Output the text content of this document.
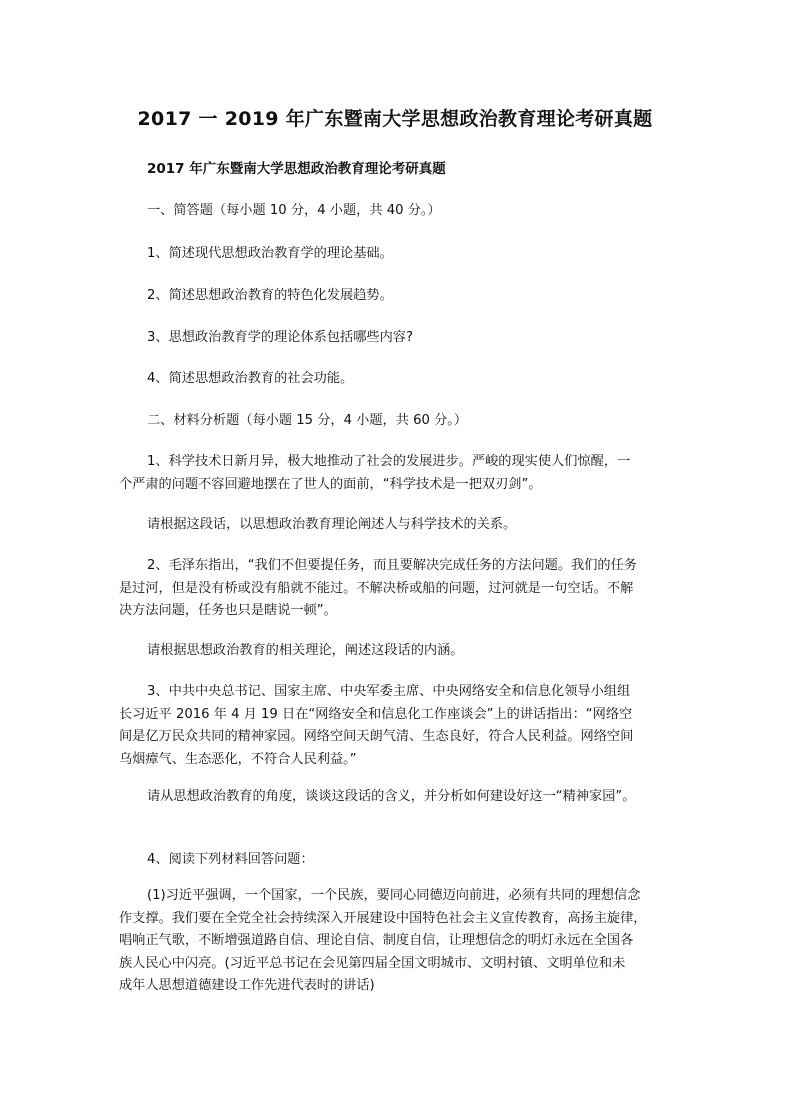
2017 一 2019 年广东暨南大学思想政治教育理论考研真题

2017 年广东暨南大学思想政治教育理论考研真题

一、简答题（每小题 10 分，4 小题，共 40 分。）

1、简述现代思想政治教育学的理论基础。

2、简述思想政治教育的特色化发展趋势。

3、思想政治教育学的理论体系包括哪些内容?

4、简述思想政治教育的社会功能。

二、材料分析题（每小题 15 分，4 小题，共 60 分。）

1、科学技术日新月异，极大地推动了社会的发展进步。严峻的现实使人们惊醒，一
个严肃的问题不容回避地摆在了世人的面前，“科学技术是一把双刃剑”。

请根据这段话，以思想政治教育理论阐述人与科学技术的关系。

2、毛泽东指出，“我们不但要提任务，而且要解决完成任务的方法问题。我们的任务
是过河，但是没有桥或没有船就不能过。不解决桥或船的问题，过河就是一句空话。不解
决方法问题，任务也只是瞎说一顿”。

请根据思想政治教育的相关理论，阐述这段话的内涵。

3、中共中央总书记、国家主席、中央军委主席、中央网络安全和信息化领导小组组
长习近平 2016 年 4 月 19 日在“网络安全和信息化工作座谈会”上的讲话指出：“网络空
间是亿万民众共同的精神家园。网络空间天朗气清、生态良好，符合人民利益。网络空间
乌烟瘴气、生态恶化，不符合人民利益。”

请从思想政治教育的角度，谈谈这段话的含义，并分析如何建设好这一“精神家园”。

4、阅读下列材料回答问题：

(1)习近平强调，一个国家，一个民族，要同心同德迈向前进，必须有共同的理想信念
作支撑。我们要在全党全社会持续深入开展建设中国特色社会主义宣传教育，高扬主旋律，
唱响正气歌，不断增强道路自信、理论自信、制度自信，让理想信念的明灯永远在全国各
族人民心中闪亮。(习近平总书记在会见第四届全国文明城市、文明村镇、文明单位和未
成年人思想道德建设工作先进代表时的讲话)
